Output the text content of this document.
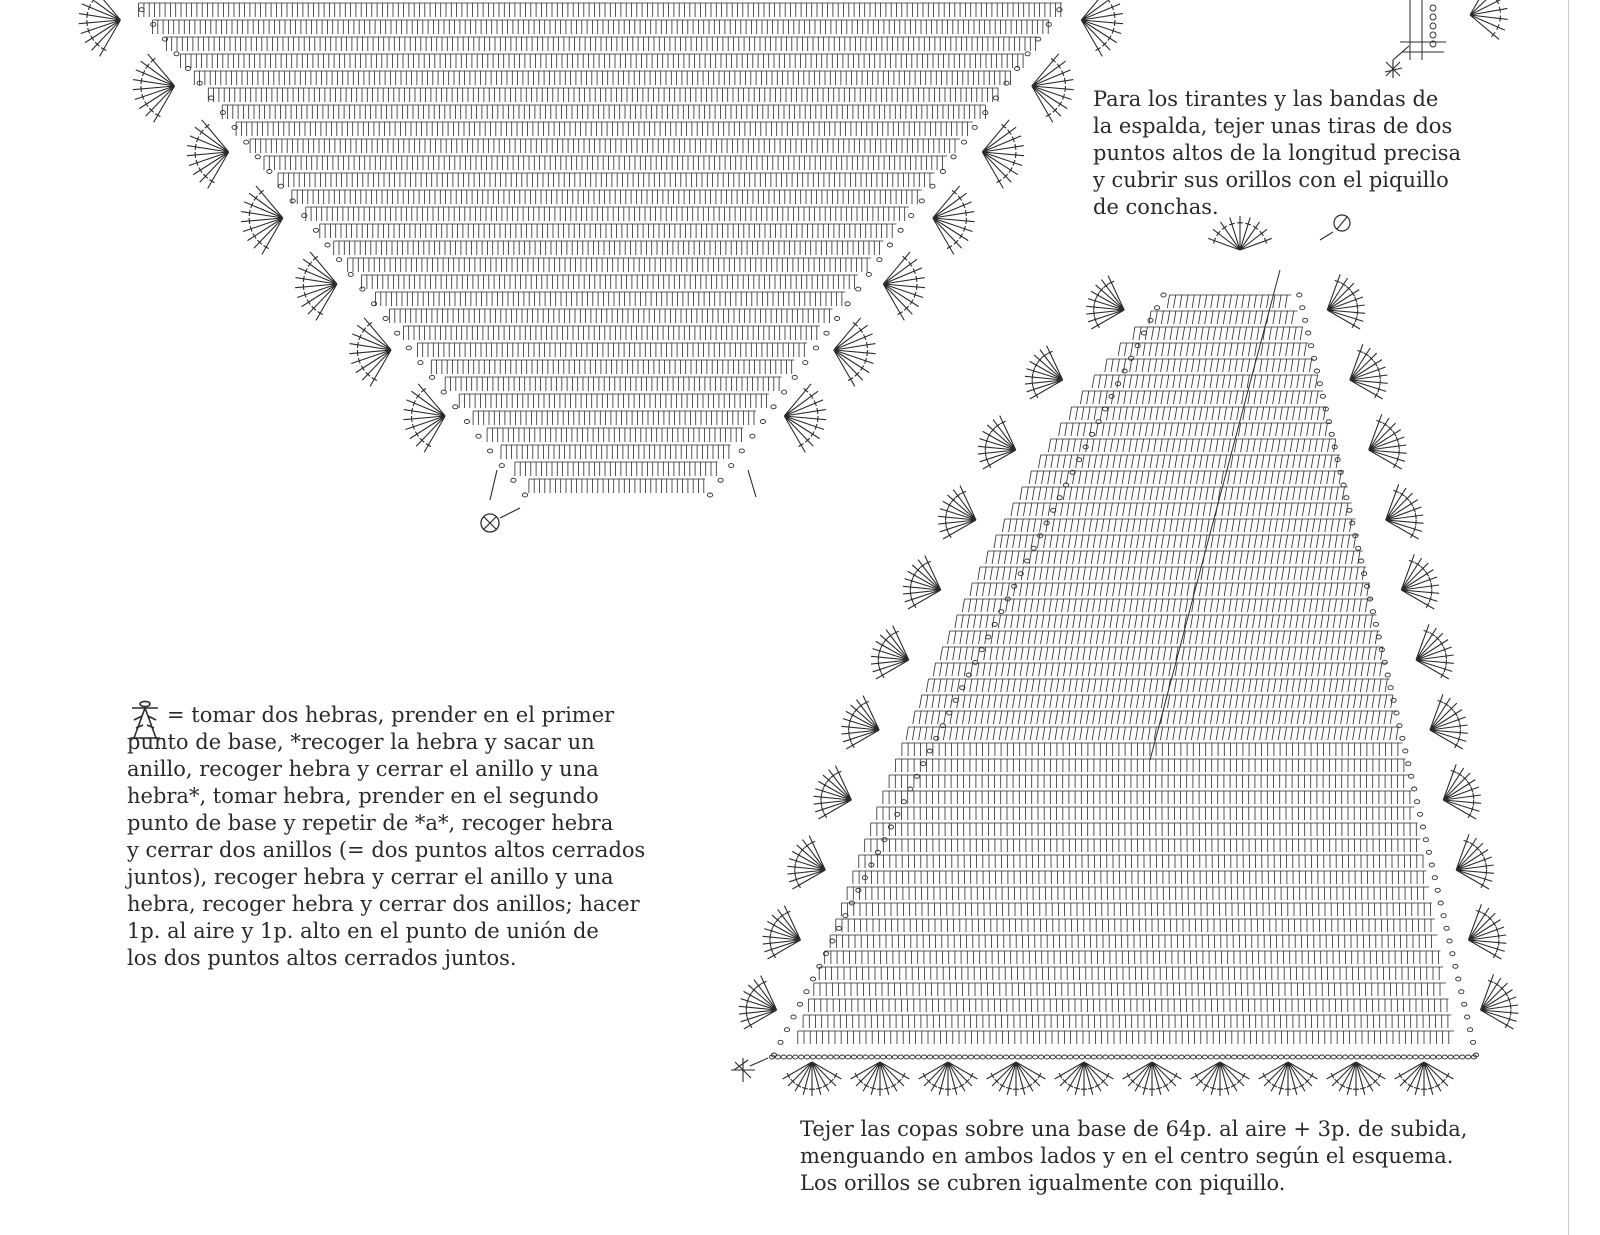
Para los tirantes y las bandas de

la espalda, tejer unas tiras de dos

puntos altos de la longitud precisa

y cubrir sus orillos con el piquillo

de conchas.

= tomar dos hebras, prender en el primer

punto de base, *recoger la hebra y sacar un

anillo, recoger hebra y cerrar el anillo y una

hebra*, tomar hebra, prender en el segundo

punto de base y repetir de *a*, recoger hebra

y cerrar dos anillos (= dos puntos altos cerrados

juntos), recoger hebra y cerrar el anillo y una

hebra, recoger hebra y cerrar dos anillos; hacer

1p. al aire y 1p. alto en el punto de unión de

los dos puntos altos cerrados juntos.

Tejer las copas sobre una base de 64p. al aire + 3p. de subida,

menguando en ambos lados y en el centro según el esquema.

Los orillos se cubren igualmente con piquillo.
